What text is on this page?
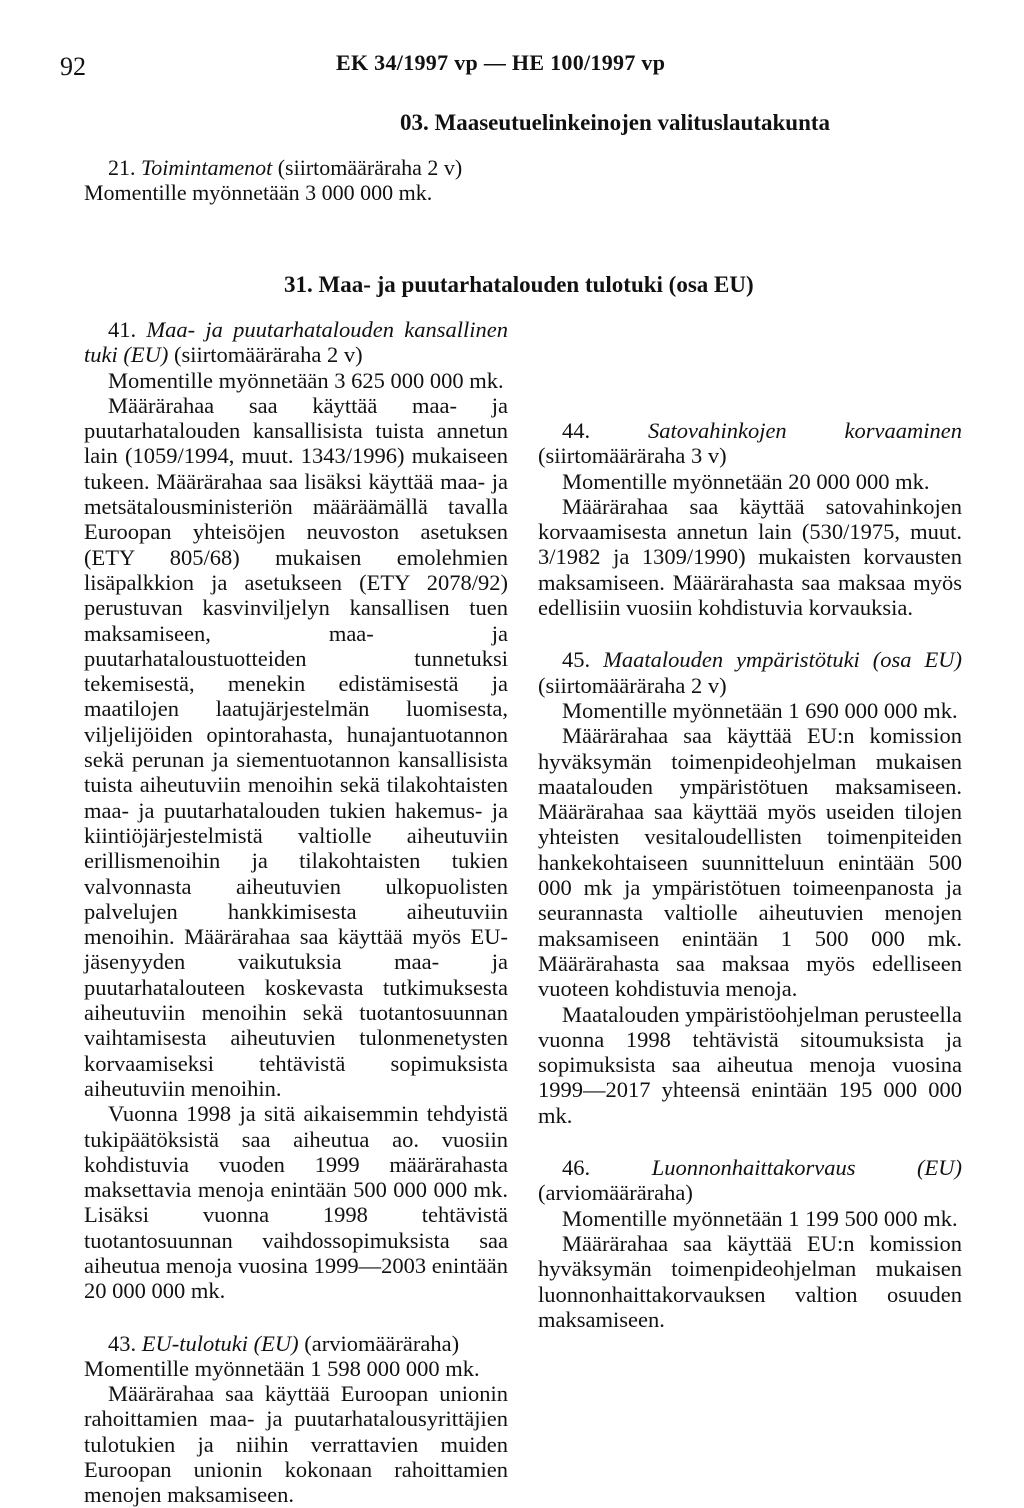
92	EK 34/1997 vp — HE 100/1997 vp
03. Maaseutuelinkeinojen valituslautakunta

21. Toimintamenot (siirtomääräraha 2 v)

Momentille myönnetään 3 000 000 mk.

31. Maa- ja puutarhatalouden tulotuki (osa EU)

41. Maa- ja puutarhatalouden kansallinen tuki (EU) (siirtomääräraha 2 v)

Momentille myönnetään 3 625 000 000 mk.

Määrärahaa saa käyttää maa- ja puutarhatalouden kansallisista tuista annetun lain (1059/1994, muut. 1343/1996) mukaiseen tukeen. Määrärahaa saa lisäksi käyttää maa- ja metsätalousministeriön määräämällä tavalla Euroopan yhteisöjen neuvoston asetuksen (ETY 805/68) mukaisen emolehmien lisäpalkkion ja asetukseen (ETY 2078/92) perustuvan kasvinviljelyn kansallisen tuen maksamiseen, maa- ja puutarhataloustuotteiden tunnetuksi tekemisestä, menekin edistämisestä ja maatilojen laatujärjestelmän luomisesta, viljelijöiden opintorahasta, hunajantuotannon sekä perunan ja siementuotannon kansallisista tuista aiheutuviin menoihin sekä tilakohtaisten maa- ja puutarhatalouden tukien hakemus- ja kiintiöjärjestelmistä valtiolle aiheutuviin erillismenoihin ja tilakohtaisten tukien valvonnasta aiheutuvien ulkopuolisten palvelujen hankkimisesta aiheutuviin menoihin. Määrärahaa saa käyttää myös EU-jäsenyyden vaikutuksia maa- ja puutarhatalouteen koskevasta tutkimuksesta aiheutuviin menoihin sekä tuotantosuunnan vaihtamisesta aiheutuvien tulonmenetysten korvaamiseksi tehtävistä sopimuksista aiheutuviin menoihin.

Vuonna 1998 ja sitä aikaisemmin tehdyistä tukipäätöksistä saa aiheutua ao. vuosiin kohdistuvia vuoden 1999 määrärahasta maksettavia menoja enintään 500 000 000 mk. Lisäksi vuonna 1998 tehtävistä tuotantosuunnan vaihdossopimuksista saa aiheutua menoja vuosina 1999—2003 enintään 20 000 000 mk.

43. EU-tulotuki (EU) (arviomääräraha)

Momentille myönnetään 1 598 000 000 mk.

Määrärahaa saa käyttää Euroopan unionin rahoittamien maa- ja puutarhatalousyrittäjien tulotukien ja niihin verrattavien muiden Euroopan unionin kokonaan rahoittamien menojen maksamiseen.

44.	Satovahinkojen korvaaminen (siirtomääräraha 3 v)

Momentille myönnetään 20 000 000 mk.

Määrärahaa saa käyttää satovahinkojen korvaamisesta annetun lain (530/1975, muut. 3/1982 ja 1309/1990) mukaisten korvausten maksamiseen. Määrärahasta saa maksaa myös edellisiin vuosiin kohdistuvia korvauksia.

45. Maatalouden ympäristötuki (osa EU) (siirtomääräraha 2 v)

Momentille myönnetään 1 690 000 000 mk.

Määrärahaa saa käyttää EU:n komission hyväksymän toimenpideohjelman mukaisen maatalouden ympäristötuen maksamiseen. Määrärahaa saa käyttää myös useiden tilojen yhteisten vesitaloudellisten toimenpiteiden hankekohtaiseen suunnitteluun enintään 500 000 mk ja ympäristötuen toimeenpanosta ja seurannasta valtiolle aiheutuvien menojen maksamiseen enintään 1 500 000 mk. Määrärahasta saa maksaa myös edelliseen vuoteen kohdistuvia menoja.

Maatalouden ympäristöohjelman perusteella vuonna 1998 tehtävistä sitoumuksista ja sopimuksista saa aiheutua menoja vuosina 1999—2017 yhteensä enintään 195 000 000 mk.

46.	Luonnonhaittakorvaus (EU) (arviomääräraha)

Momentille myönnetään 1 199 500 000 mk.

Määrärahaa saa käyttää EU:n komission hyväksymän toimenpideohjelman mukaisen luonnonhaittakorvauksen valtion osuuden maksamiseen.
